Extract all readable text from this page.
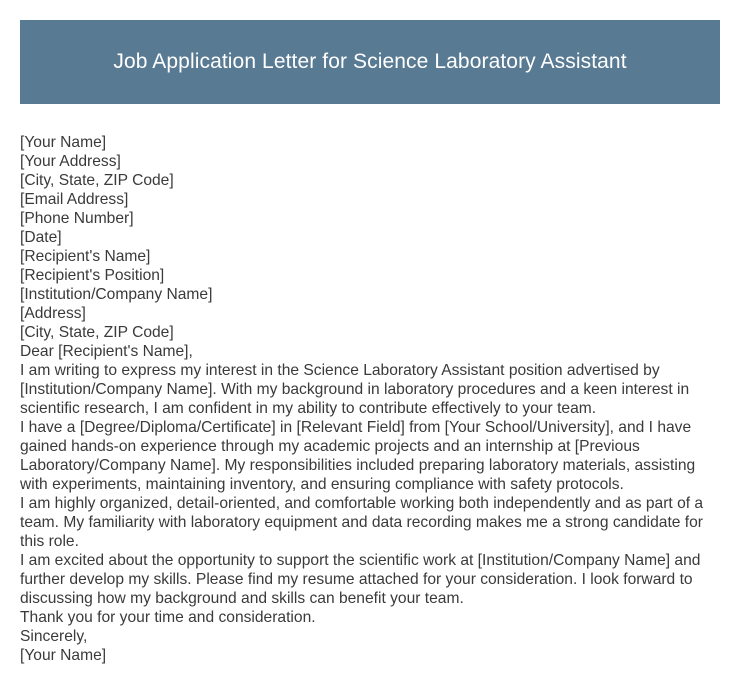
Job Application Letter for Science Laboratory Assistant
[Your Name]
[Your Address]
[City, State, ZIP Code]
[Email Address]
[Phone Number]
[Date]
[Recipient's Name]
[Recipient's Position]
[Institution/Company Name]
[Address]
[City, State, ZIP Code]
Dear [Recipient's Name],
I am writing to express my interest in the Science Laboratory Assistant position advertised by [Institution/Company Name]. With my background in laboratory procedures and a keen interest in scientific research, I am confident in my ability to contribute effectively to your team.
I have a [Degree/Diploma/Certificate] in [Relevant Field] from [Your School/University], and I have gained hands-on experience through my academic projects and an internship at [Previous Laboratory/Company Name]. My responsibilities included preparing laboratory materials, assisting with experiments, maintaining inventory, and ensuring compliance with safety protocols.
I am highly organized, detail-oriented, and comfortable working both independently and as part of a team. My familiarity with laboratory equipment and data recording makes me a strong candidate for this role.
I am excited about the opportunity to support the scientific work at [Institution/Company Name] and further develop my skills. Please find my resume attached for your consideration. I look forward to discussing how my background and skills can benefit your team.
Thank you for your time and consideration.
Sincerely,
[Your Name]
